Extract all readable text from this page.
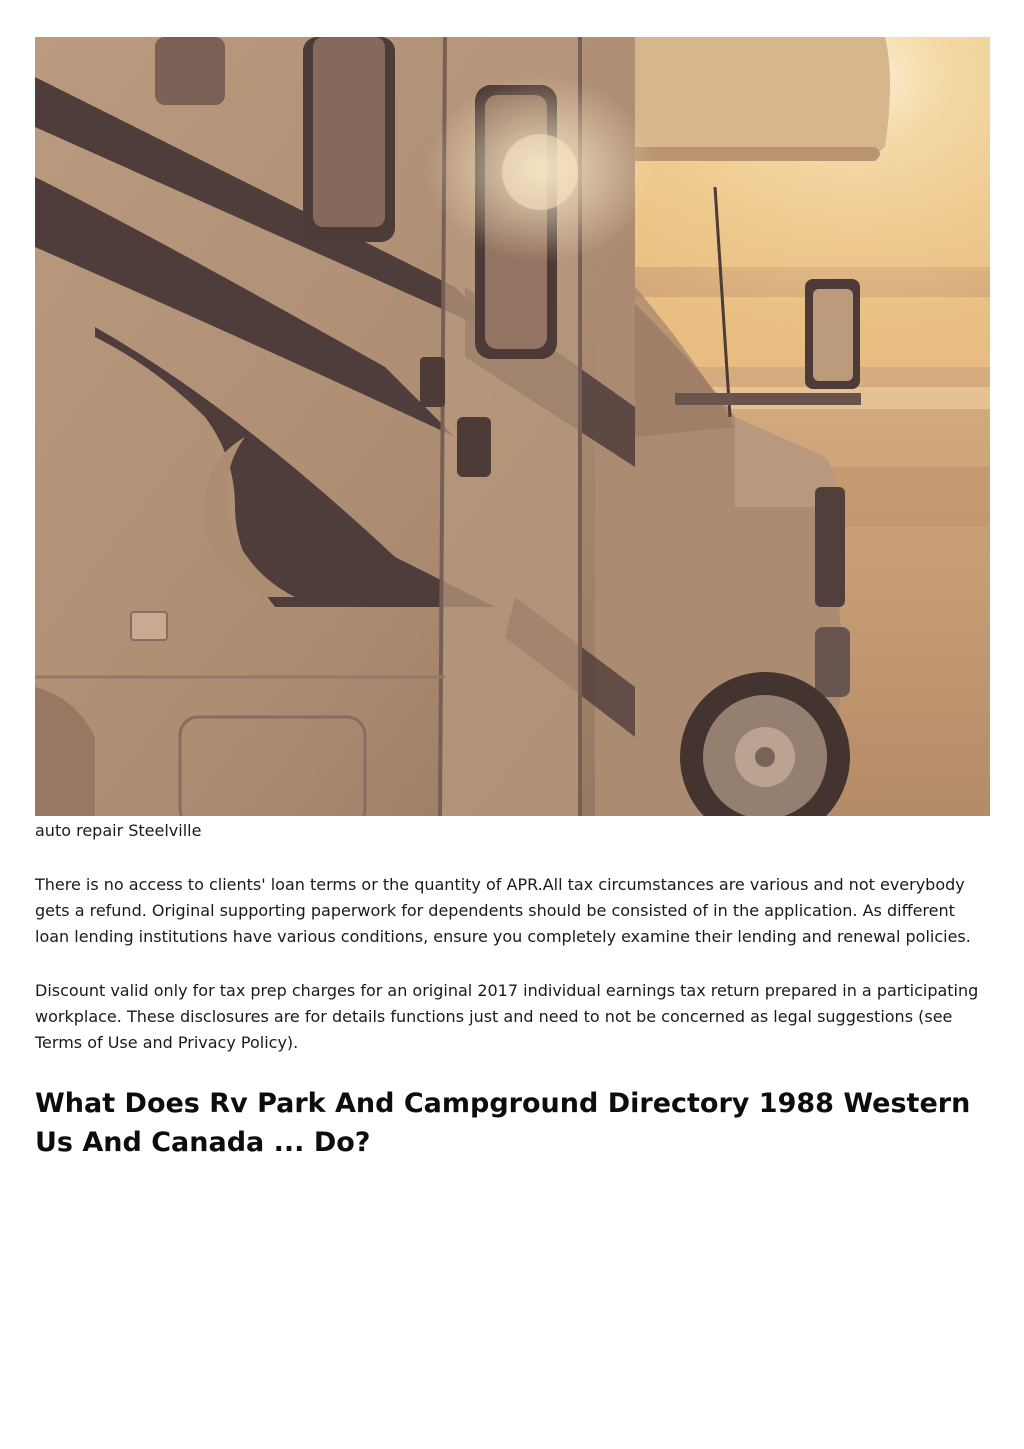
auto repair Steelville

There is no access to clients' loan terms or the quantity of APR.All tax circumstances are various and not everybody gets a refund. Original supporting paperwork for dependents should be consisted of in the application. As different loan lending institutions have various conditions, ensure you completely examine their lending and renewal policies.

Discount valid only for tax prep charges for an original 2017 individual earnings tax return prepared in a participating workplace. These disclosures are for details functions just and need to not be concerned as legal suggestions (see Terms of Use and Privacy Policy).

What Does Rv Park And Campground Directory 1988 Western Us And Canada ... Do?
